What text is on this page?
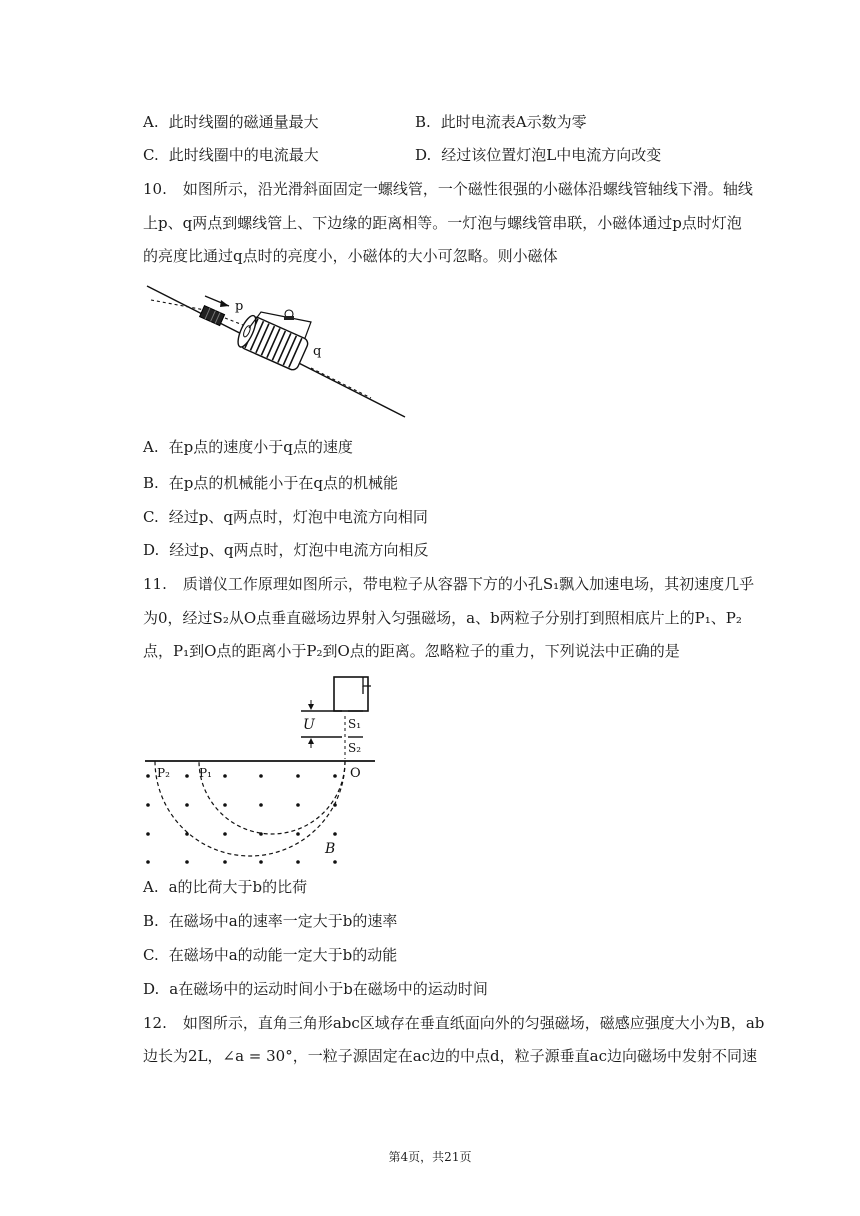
A. 此时线圈的磁通量最大	B. 此时电流表A示数为零
C. 此时线圈中的电流最大	D. 经过该位置灯泡L中电流方向改变
10. 如图所示，沿光滑斜面固定一螺线管，一个磁性很强的小磁体沿螺线管轴线下滑。轴线
上p、q两点到螺线管上、下边缘的距离相等。一灯泡与螺线管串联，小磁体通过p点时灯泡
的亮度比通过q点时的亮度小，小磁体的大小可忽略。则小磁体
p
q
A. 在p点的速度小于q点的速度
B. 在p点的机械能小于在q点的机械能
C. 经过p、q两点时，灯泡中电流方向相同
D. 经过p、q两点时，灯泡中电流方向相反
11. 质谱仪工作原理如图所示，带电粒子从容器下方的小孔S₁飘入加速电场，其初速度几乎
为0，经过S₂从O点垂直磁场边界射入匀强磁场，a、b两粒子分别打到照相底片上的P₁、P₂
点，P₁到O点的距离小于P₂到O点的距离。忽略粒子的重力，下列说法中正确的是
U	S₁
S₂
O
P₂ P₁
B
A. a的比荷大于b的比荷
B. 在磁场中a的速率一定大于b的速率
C. 在磁场中a的动能一定大于b的动能
D. a在磁场中的运动时间小于b在磁场中的运动时间
12. 如图所示，直角三角形abc区域存在垂直纸面向外的匀强磁场，磁感应强度大小为B，ab
边长为2L，∠a = 30°，一粒子源固定在ac边的中点d，粒子源垂直ac边向磁场中发射不同速
第4页，共21页
